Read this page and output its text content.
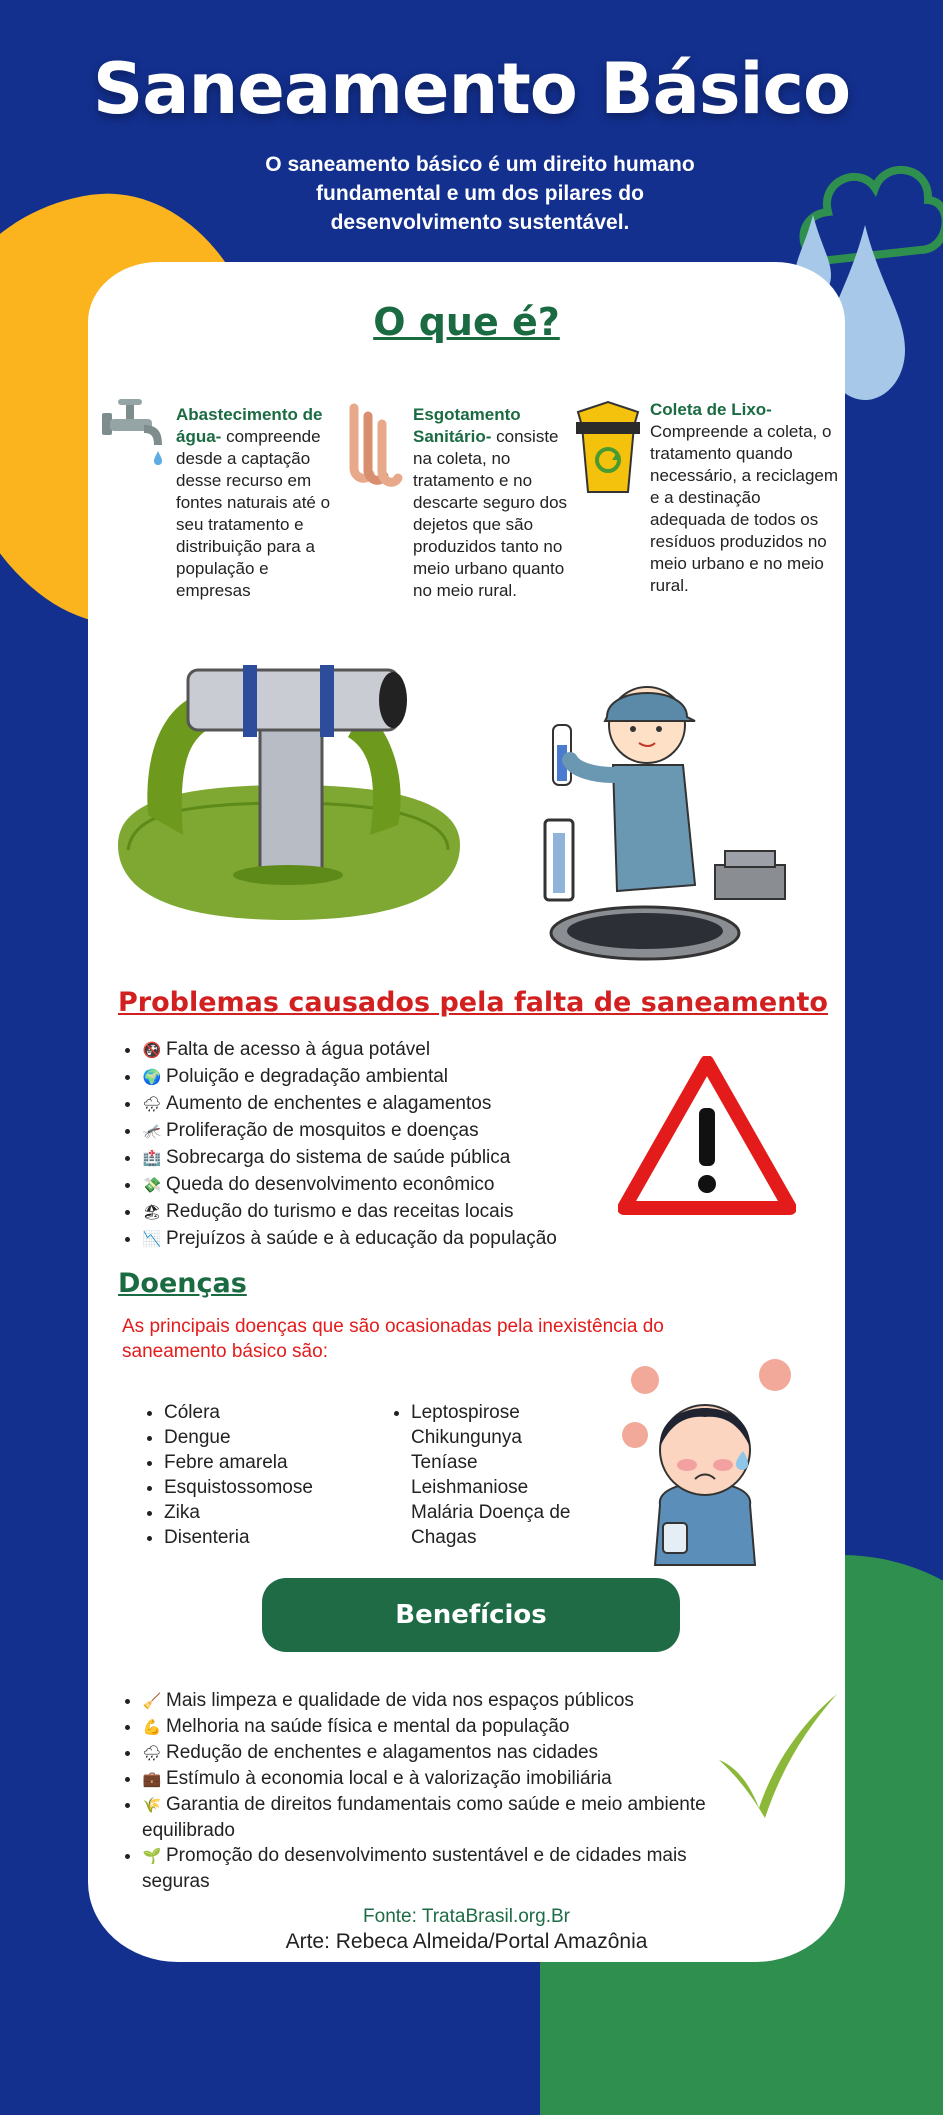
Saneamento Básico
O saneamento básico é um direito humano fundamental e um dos pilares do desenvolvimento sustentável.
O que é?
Abastecimento de água- compreende desde a captação desse recurso em fontes naturais até o seu tratamento e distribuição para a população e empresas
Esgotamento Sanitário- consiste na coleta, no tratamento e no descarte seguro dos dejetos que são produzidos tanto no meio urbano quanto no meio rural.
Coleta de Lixo- Compreende a coleta, o tratamento quando necessário, a reciclagem e a destinação adequada de todos os resíduos produzidos no meio urbano e no meio rural.
Problemas causados pela falta de saneamento
• 🚱 Falta de acesso à água potável
• 🌍 Poluição e degradação ambiental
• 🌧 Aumento de enchentes e alagamentos
• 🦟 Proliferação de mosquitos e doenças
• 🏥 Sobrecarga do sistema de saúde pública
• 💸 Queda do desenvolvimento econômico
• 🏖 Redução do turismo e das receitas locais
• 📉 Prejuízos à saúde e à educação da população
Doenças
As principais doenças que são ocasionadas pela inexistência do saneamento básico são:
• Cólera
• Dengue
• Febre amarela
• Esquistossomose
• Zika
• Disenteria
• Leptospirose
Chikungunya
Teníase
Leishmaniose
Malária Doença de Chagas
Benefícios
• 🧹 Mais limpeza e qualidade de vida nos espaços públicos
• 💪 Melhoria na saúde física e mental da população
• 🌧 Redução de enchentes e alagamentos nas cidades
• 💼 Estímulo à economia local e à valorização imobiliária
• 🌾 Garantia de direitos fundamentais como saúde e meio ambiente equilibrado
• 🌱 Promoção do desenvolvimento sustentável e de cidades mais seguras
Fonte: TrataBrasil.org.Br
Arte: Rebeca Almeida/Portal Amazônia
